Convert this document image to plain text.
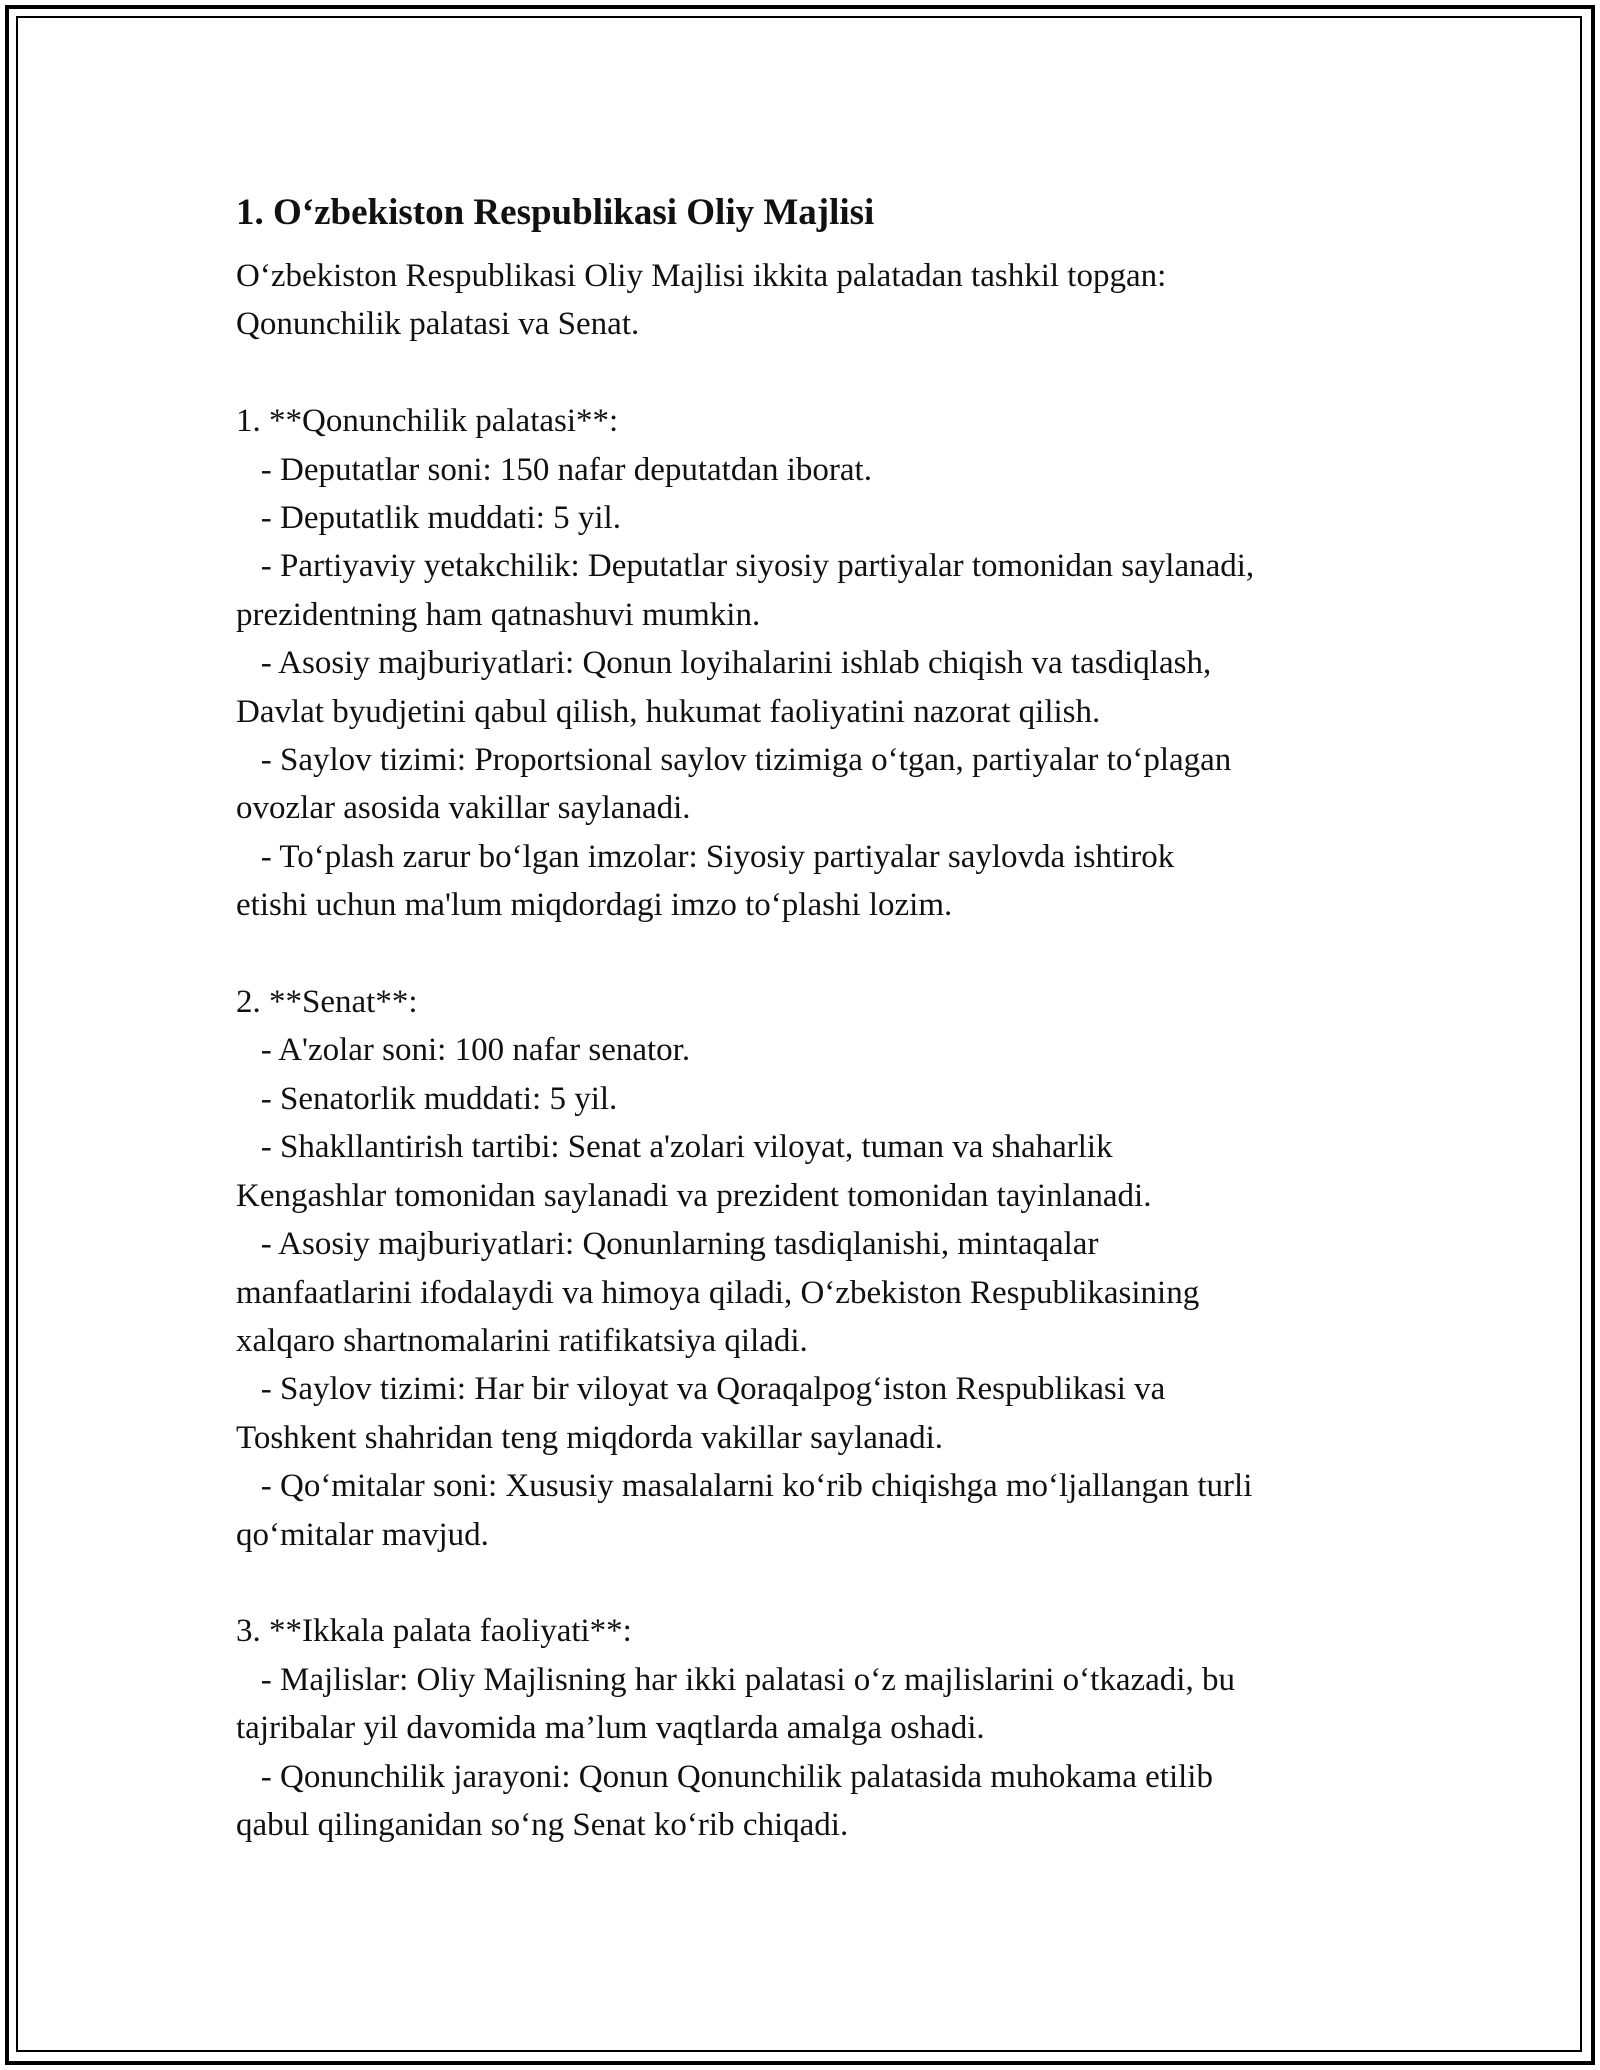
1. O‘zbekiston Respublikasi Oliy Majlisi

O‘zbekiston Respublikasi Oliy Majlisi ikkita palatadan tashkil topgan:

Qonunchilik palatasi va Senat.

1. **Qonunchilik palatasi**:

- Deputatlar soni: 150 nafar deputatdan iborat.

- Deputatlik muddati: 5 yil.

- Partiyaviy yetakchilik: Deputatlar siyosiy partiyalar tomonidan saylanadi,

prezidentning ham qatnashuvi mumkin.

- Asosiy majburiyatlari: Qonun loyihalarini ishlab chiqish va tasdiqlash,

Davlat byudjetini qabul qilish, hukumat faoliyatini nazorat qilish.

- Saylov tizimi: Proportsional saylov tizimiga o‘tgan, partiyalar to‘plagan

ovozlar asosida vakillar saylanadi.

- To‘plash zarur bo‘lgan imzolar: Siyosiy partiyalar saylovda ishtirok

etishi uchun ma'lum miqdordagi imzo to‘plashi lozim.

2. **Senat**:

- A'zolar soni: 100 nafar senator.

- Senatorlik muddati: 5 yil.

- Shakllantirish tartibi: Senat a'zolari viloyat, tuman va shaharlik

Kengashlar tomonidan saylanadi va prezident tomonidan tayinlanadi.

- Asosiy majburiyatlari: Qonunlarning tasdiqlanishi, mintaqalar

manfaatlarini ifodalaydi va himoya qiladi, O‘zbekiston Respublikasining

xalqaro shartnomalarini ratifikatsiya qiladi.

- Saylov tizimi: Har bir viloyat va Qoraqalpog‘iston Respublikasi va

Toshkent shahridan teng miqdorda vakillar saylanadi.

- Qo‘mitalar soni: Xususiy masalalarni ko‘rib chiqishga mo‘ljallangan turli

qo‘mitalar mavjud.

3. **Ikkala palata faoliyati**:

- Majlislar: Oliy Majlisning har ikki palatasi o‘z majlislarini o‘tkazadi, bu

tajribalar yil davomida ma’lum vaqtlarda amalga oshadi.

- Qonunchilik jarayoni: Qonun Qonunchilik palatasida muhokama etilib

qabul qilinganidan so‘ng Senat ko‘rib chiqadi.
